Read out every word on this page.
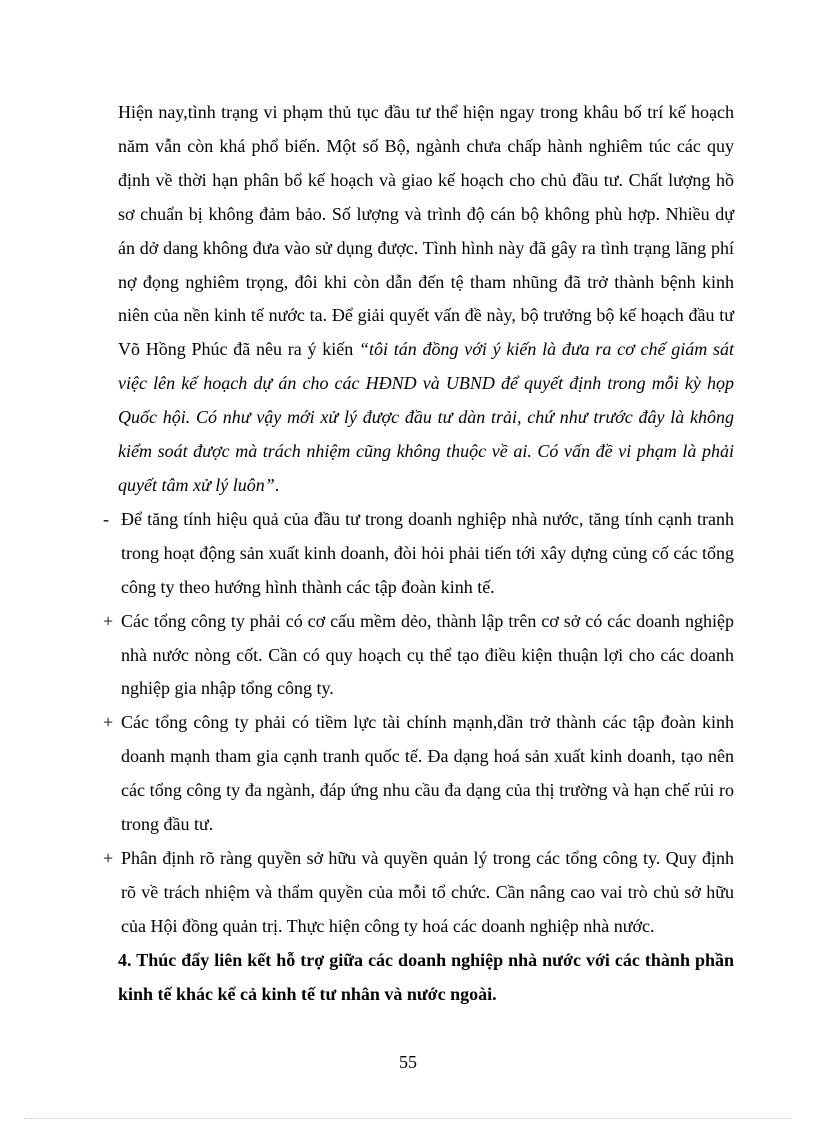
Hiện nay,tình trạng vi phạm thủ tục đầu tư thể hiện ngay trong khâu bố trí kế hoạch năm vẫn còn khá phổ biến. Một số Bộ, ngành chưa chấp hành nghiêm túc các quy định về thời hạn phân bổ kế hoạch và giao kế hoạch cho chủ đầu tư. Chất lượng hồ sơ chuẩn bị không đảm bảo. Số lượng và trình độ cán bộ không phù hợp. Nhiều dự án dở dang không đưa vào sử dụng được. Tình hình này đã gây ra tình trạng lãng phí nợ đọng nghiêm trọng, đôi khi còn dẫn đến tệ tham nhũng đã trở thành bệnh kinh niên của nền kinh tế nước ta. Để giải quyết vấn đề này, bộ trưởng bộ kế hoạch đầu tư Võ Hồng Phúc đã nêu ra ý kiến “tôi tán đồng với ý kiến là đưa ra cơ chế giám sát việc lên kế hoạch dự án cho các HĐND và UBND để quyết định trong mỗi kỳ họp Quốc hội. Có như vậy mới xử lý được đầu tư dàn trải, chứ như trước đây là không kiểm soát được mà trách nhiệm cũng không thuộc về ai. Có vấn đề vi phạm là phải quyết tâm xử lý luôn”.

- Để tăng tính hiệu quả của đầu tư trong doanh nghiệp nhà nước, tăng tính cạnh tranh trong hoạt động sản xuất kinh doanh, đòi hỏi phải tiến tới xây dựng củng cố các tổng công ty theo hướng hình thành các tập đoàn kinh tế.

+ Các tổng công ty phải có cơ cấu mềm dẻo, thành lập trên cơ sở có các doanh nghiệp nhà nước nòng cốt. Cần có quy hoạch cụ thể tạo điều kiện thuận lợi cho các doanh nghiệp gia nhập tổng công ty.

+ Các tổng công ty phải có tiềm lực tài chính mạnh,dần trở thành các tập đoàn kinh doanh mạnh tham gia cạnh tranh quốc tế. Đa dạng hoá sản xuất kinh doanh, tạo nên các tổng công ty đa ngành, đáp ứng nhu cầu đa dạng của thị trường và hạn chế rủi ro trong đầu tư.

+ Phân định rõ ràng quyền sở hữu và quyền quản lý trong các tổng công ty. Quy định rõ về trách nhiệm và thẩm quyền của mỗi tổ chức. Cần nâng cao vai trò chủ sở hữu của Hội đồng quản trị. Thực hiện công ty hoá các doanh nghiệp nhà nước.

4. Thúc đẩy liên kết hỗ trợ giữa các doanh nghiệp nhà nước với các thành phần kinh tế khác kể cả kinh tế tư nhân và nước ngoài.

55
